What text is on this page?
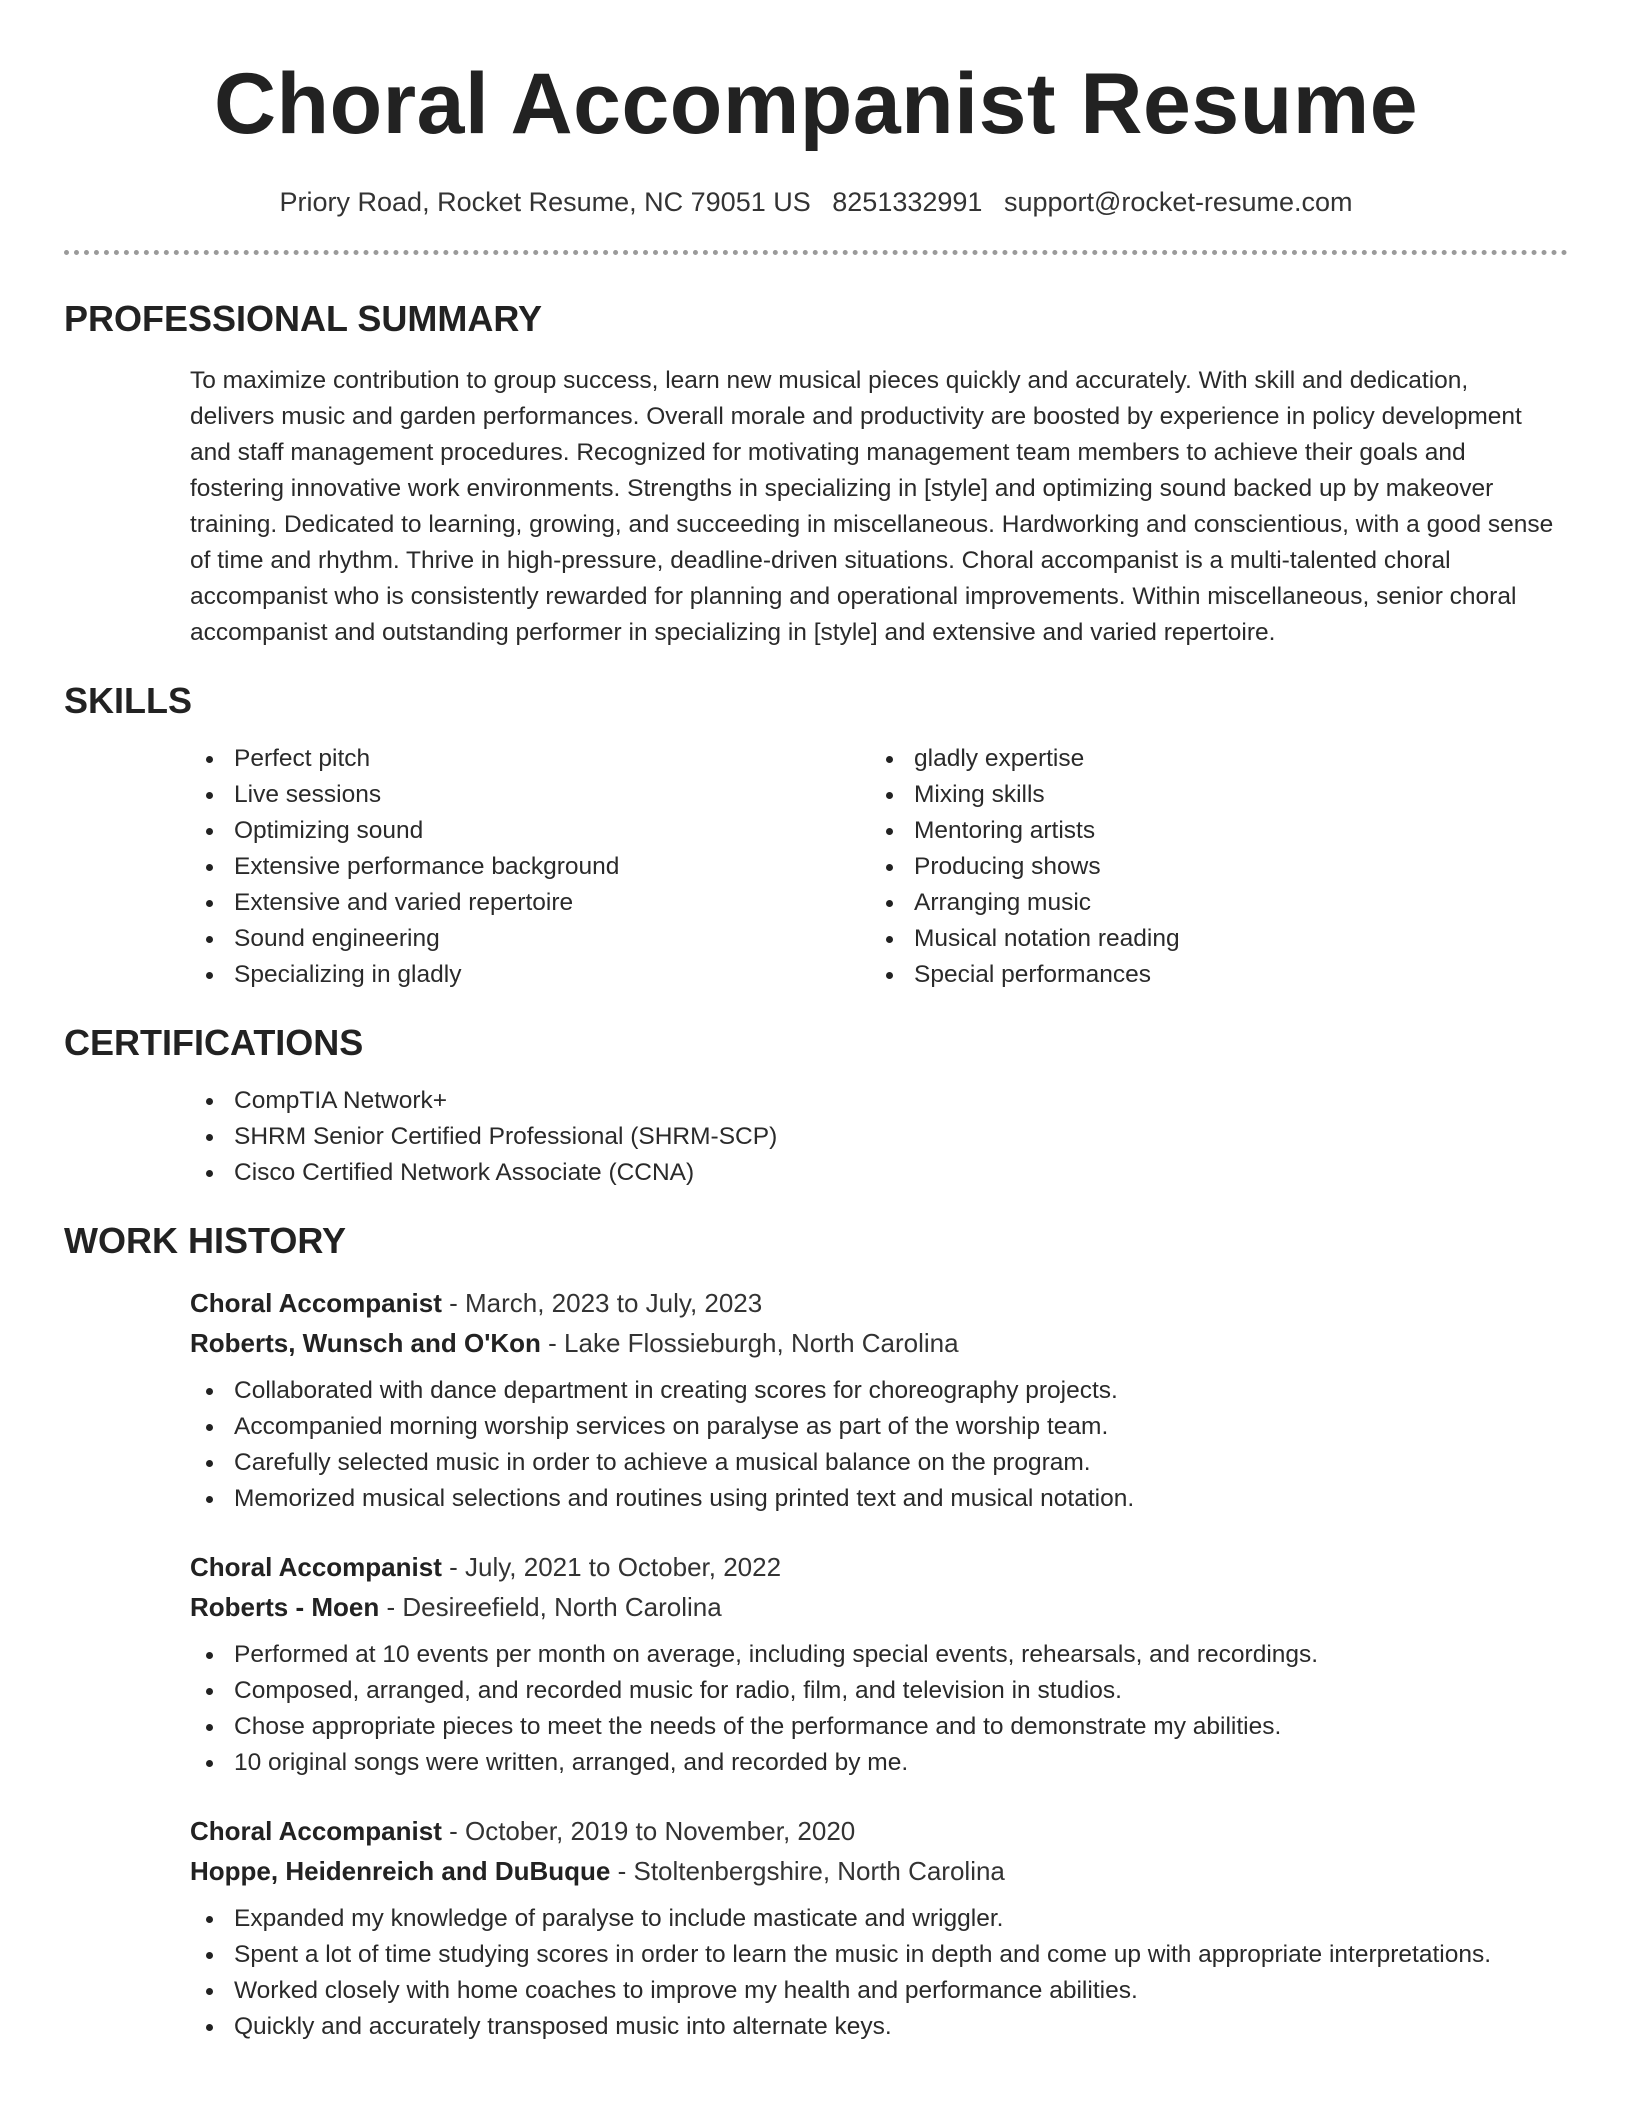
Choral Accompanist Resume
Priory Road, Rocket Resume, NC 79051 US 8251332991 support@rocket-resume.com
PROFESSIONAL SUMMARY

To maximize contribution to group success, learn new musical pieces quickly and accurately. With skill and dedication, delivers music and garden performances. Overall morale and productivity are boosted by experience in policy development and staff management procedures. Recognized for motivating management team members to achieve their goals and fostering innovative work environments. Strengths in specializing in [style] and optimizing sound backed up by makeover training. Dedicated to learning, growing, and succeeding in miscellaneous. Hardworking and conscientious, with a good sense of time and rhythm. Thrive in high-pressure, deadline-driven situations. Choral accompanist is a multi-talented choral accompanist who is consistently rewarded for planning and operational improvements. Within miscellaneous, senior choral accompanist and outstanding performer in specializing in [style] and extensive and varied repertoire.

SKILLS
Perfect pitch
Live sessions
Optimizing sound
Extensive performance background
Extensive and varied repertoire
Sound engineering
Specializing in gladly
gladly expertise
Mixing skills
Mentoring artists
Producing shows
Arranging music
Musical notation reading
Special performances
CERTIFICATIONS
CompTIA Network+
SHRM Senior Certified Professional (SHRM-SCP)
Cisco Certified Network Associate (CCNA)
WORK HISTORY
Choral Accompanist - March, 2023 to July, 2023
Roberts, Wunsch and O'Kon - Lake Flossieburgh, North Carolina
Collaborated with dance department in creating scores for choreography projects.
Accompanied morning worship services on paralyse as part of the worship team.
Carefully selected music in order to achieve a musical balance on the program.
Memorized musical selections and routines using printed text and musical notation.
Choral Accompanist - July, 2021 to October, 2022
Roberts - Moen - Desireefield, North Carolina
Performed at 10 events per month on average, including special events, rehearsals, and recordings.
Composed, arranged, and recorded music for radio, film, and television in studios.
Chose appropriate pieces to meet the needs of the performance and to demonstrate my abilities.
10 original songs were written, arranged, and recorded by me.
Choral Accompanist - October, 2019 to November, 2020
Hoppe, Heidenreich and DuBuque - Stoltenbergshire, North Carolina
Expanded my knowledge of paralyse to include masticate and wriggler.
Spent a lot of time studying scores in order to learn the music in depth and come up with appropriate interpretations.
Worked closely with home coaches to improve my health and performance abilities.
Quickly and accurately transposed music into alternate keys.
